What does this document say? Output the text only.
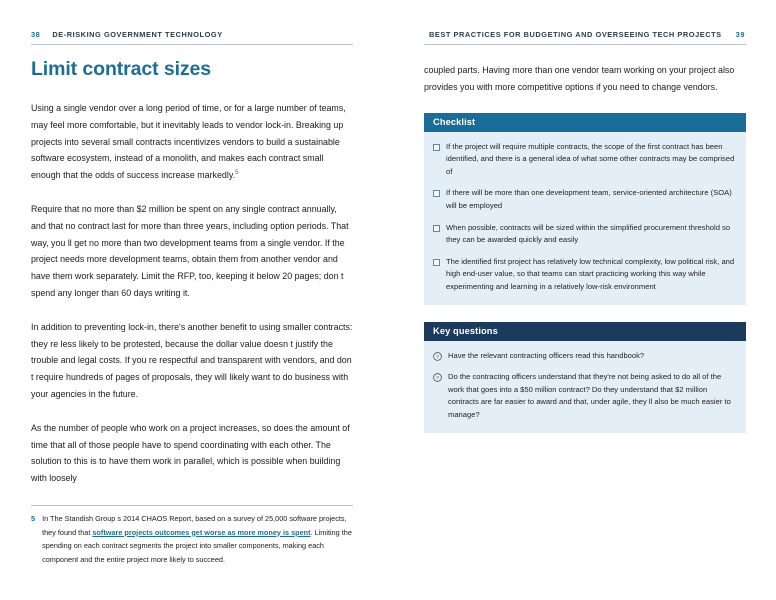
38 DE-RISKING GOVERNMENT TECHNOLOGY	BEST PRACTICES FOR BUDGETING AND OVERSEEING TECH PROJECTS 39
Limit contract sizes

Using a single vendor over a long period of time, or for a large number of teams, may feel more comfortable, but it inevitably leads to vendor lock-in. Breaking up projects into several small contracts incentivizes vendors to build a sustainable software ecosystem, instead of a monolith, and makes each contract small enough that the odds of success increase markedly.$^5$

Require that no more than $2 million be spent on any single contract annually, and that no contract last for more than three years, including option periods. That way, you ll get no more than two development teams from a single vendor. If the project needs more development teams, obtain them from another vendor and have them work separately. Limit the RFP, too, keeping it below 20 pages; don t spend any longer than 60 days writing it.

In addition to preventing lock-in, there's another benefit to using smaller contracts: they re less likely to be protested, because the dollar value doesn t justify the trouble and legal costs. If you re respectful and transparent with vendors, and don t require hundreds of pages of proposals, they will likely want to do business with your agencies in the future.

As the number of people who work on a project increases, so does the amount of time that all of those people have to spend coordinating with each other. The solution to this is to have them work in parallel, which is possible when building with loosely

5 In The Standish Group s 2014 CHAOS Report, based on a survey of 25,000 software projects, they found that software projects outcomes get worse as more money is spent. Limiting the spending on each contract segments the project into smaller components, making each component and the entire project more likely to succeed.

coupled parts. Having more than one vendor team working on your project also provides you with more competitive options if you need to change vendors.

Checklist
If the project will require multiple contracts, the scope of the first contract has been identified, and there is a general idea of what some other contracts may be comprised of
If there will be more than one development team, service-oriented architecture (SOA) will be employed
When possible, contracts will be sized within the simplified procurement threshold so they can be awarded quickly and easily
The identified first project has relatively low technical complexity, low political risk, and high end-user value, so that teams can start practicing working this way while experimenting and learning in a relatively low-risk environment
Key questions
? Have the relevant contracting officers read this handbook?
? Do the contracting officers understand that they're not being asked to do all of the work that goes into a $50 million contract? Do they understand that $2 million contracts are far easier to award and that, under agile, they ll also be much easier to manage?
